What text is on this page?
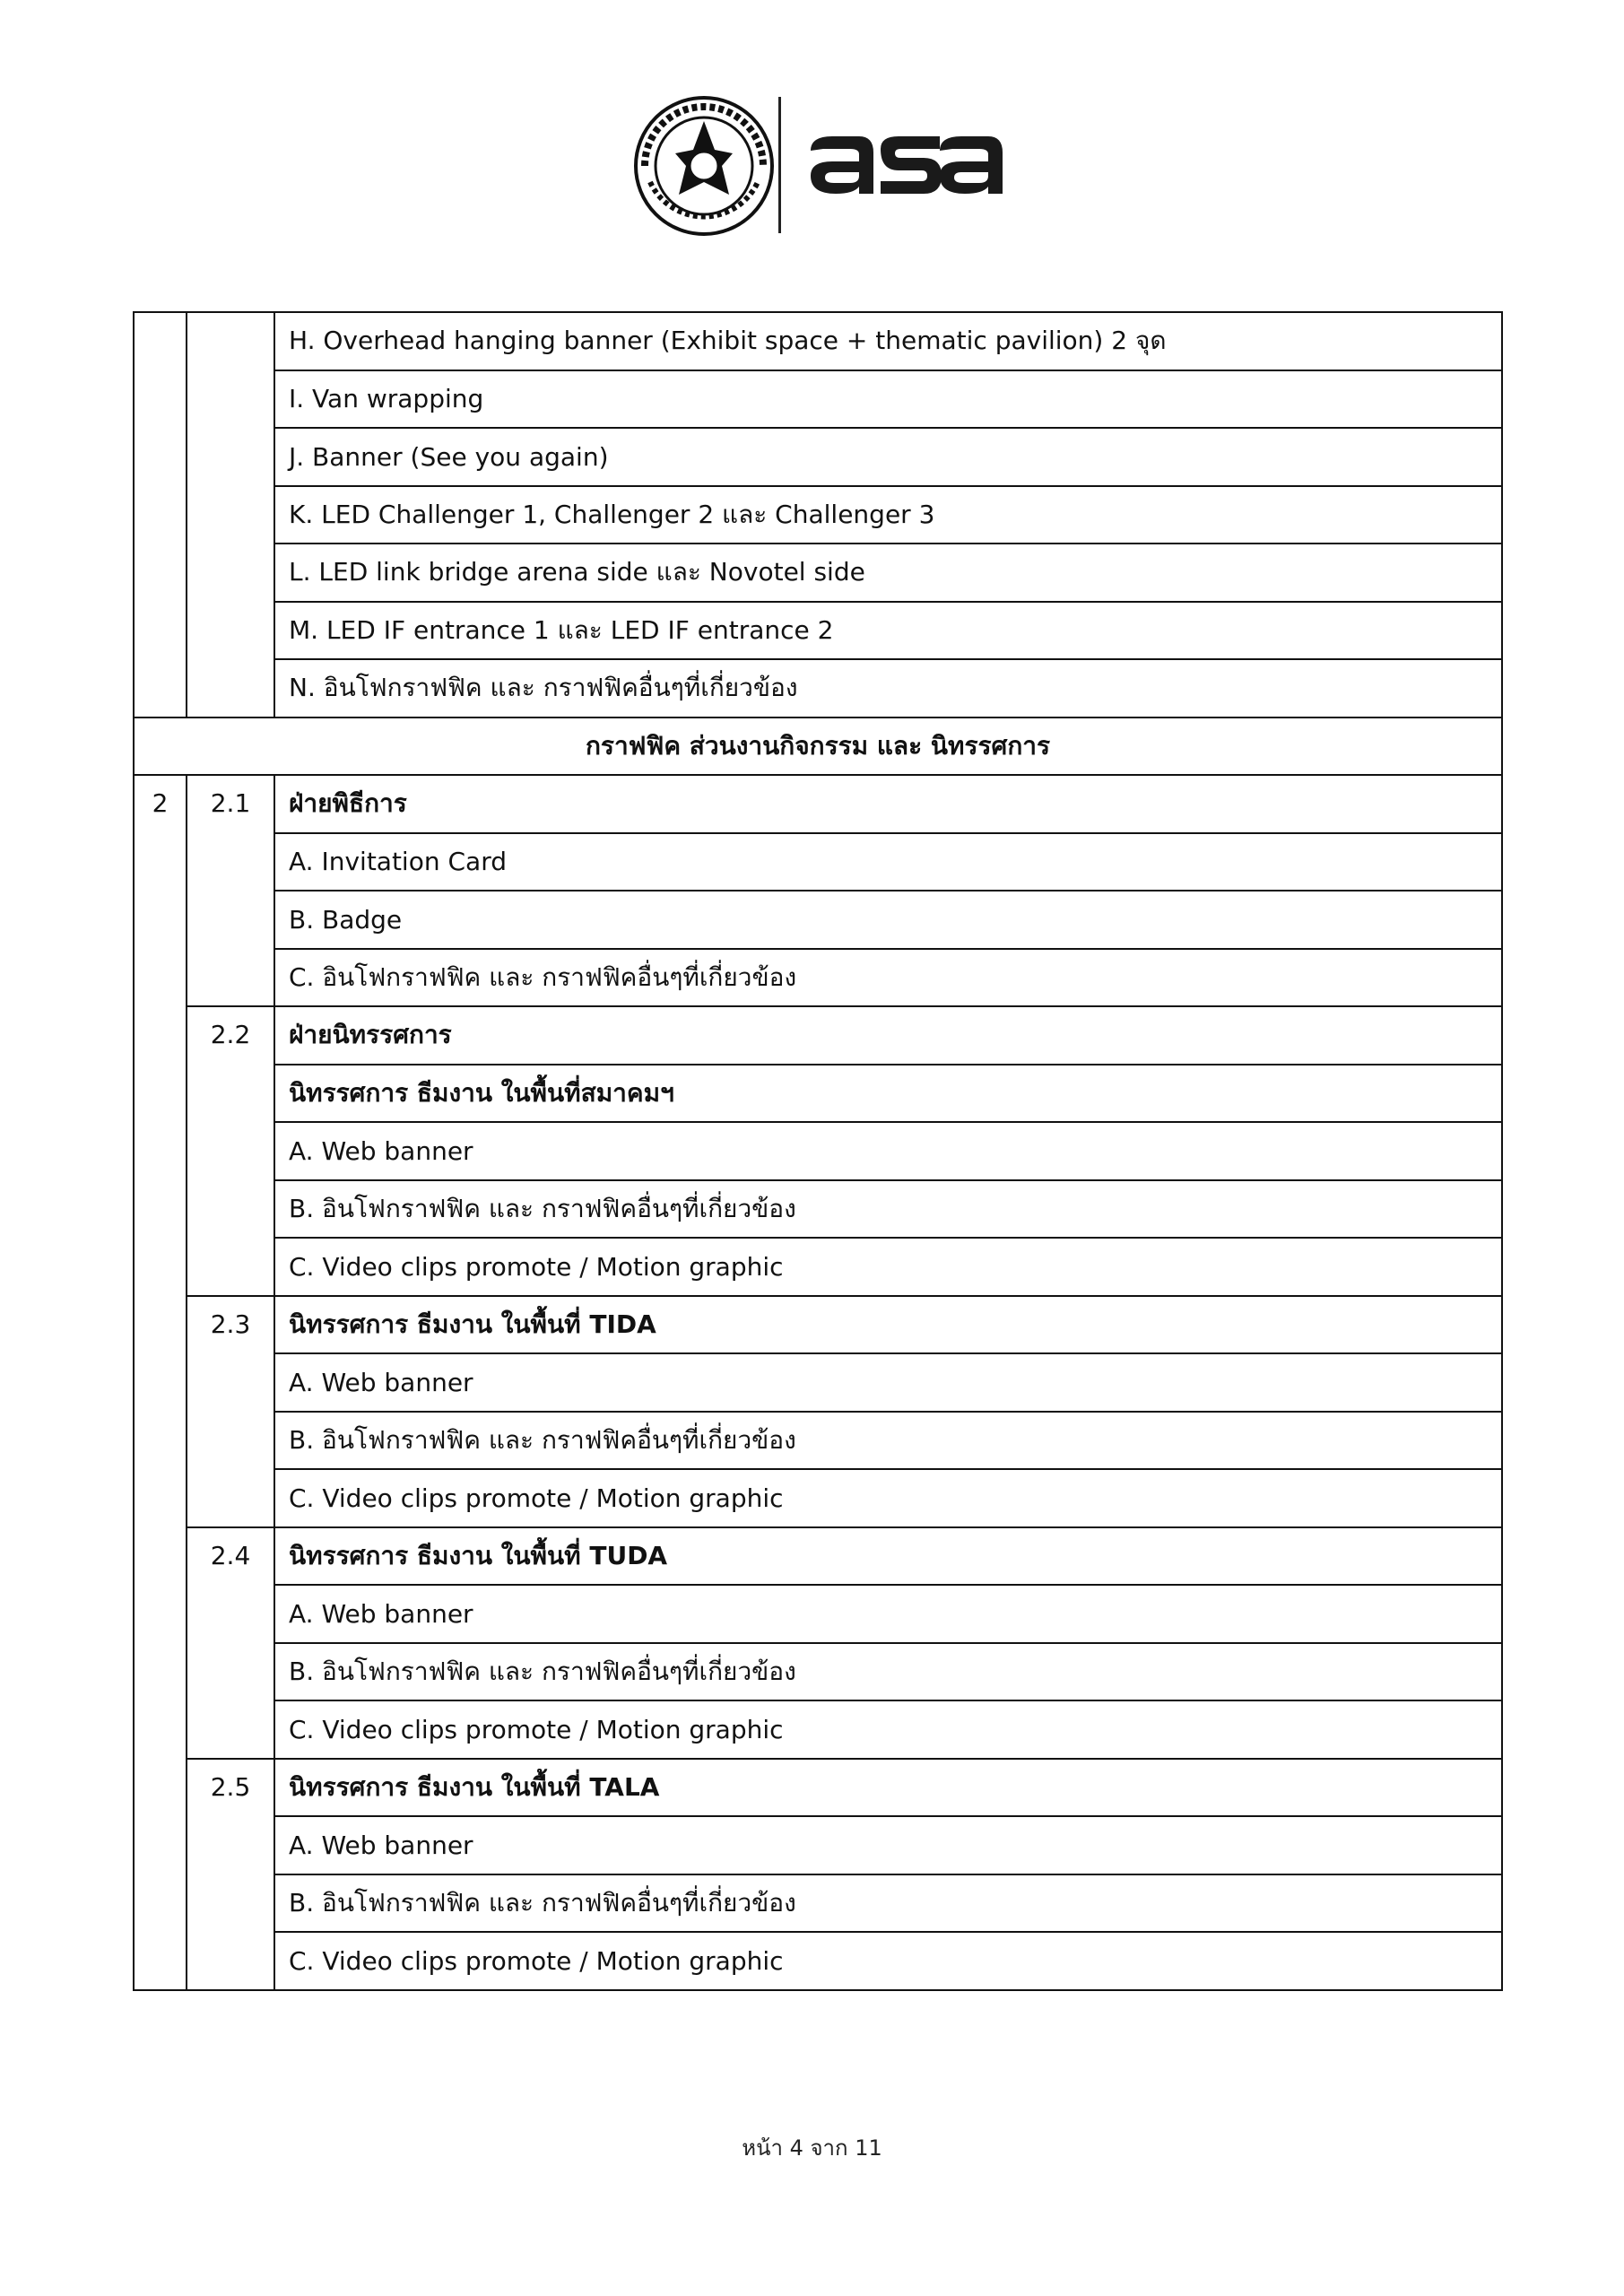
		H. Overhead hanging banner (Exhibit space + thematic pavilion) 2 จุด
		I. Van wrapping
		J. Banner (See you again)
		K. LED Challenger 1, Challenger 2 และ Challenger 3
		L. LED link bridge arena side และ Novotel side
		M. LED IF entrance 1 และ LED IF entrance 2
		N. อินโฟกราฟฟิค และ กราฟฟิคอื่นๆที่เกี่ยวข้อง
กราฟฟิค ส่วนงานกิจกรรม และ นิทรรศการ		
2	2.1	ฝ่ายพิธีการ
		A. Invitation Card
		B. Badge
		C. อินโฟกราฟฟิค และ กราฟฟิคอื่นๆที่เกี่ยวข้อง
	2.2	ฝ่ายนิทรรศการ
		นิทรรศการ ธีมงาน ในพื้นที่สมาคมฯ
		A. Web banner
		B. อินโฟกราฟฟิค และ กราฟฟิคอื่นๆที่เกี่ยวข้อง
		C. Video clips promote / Motion graphic
	2.3	นิทรรศการ ธีมงาน ในพื้นที่ TIDA
		A. Web banner
		B. อินโฟกราฟฟิค และ กราฟฟิคอื่นๆที่เกี่ยวข้อง
		C. Video clips promote / Motion graphic
	2.4	นิทรรศการ ธีมงาน ในพื้นที่ TUDA
		A. Web banner
		B. อินโฟกราฟฟิค และ กราฟฟิคอื่นๆที่เกี่ยวข้อง
		C. Video clips promote / Motion graphic
	2.5	นิทรรศการ ธีมงาน ในพื้นที่ TALA
		A. Web banner
		B. อินโฟกราฟฟิค และ กราฟฟิคอื่นๆที่เกี่ยวข้อง
		C. Video clips promote / Motion graphic
หน้า 4 จาก 11
